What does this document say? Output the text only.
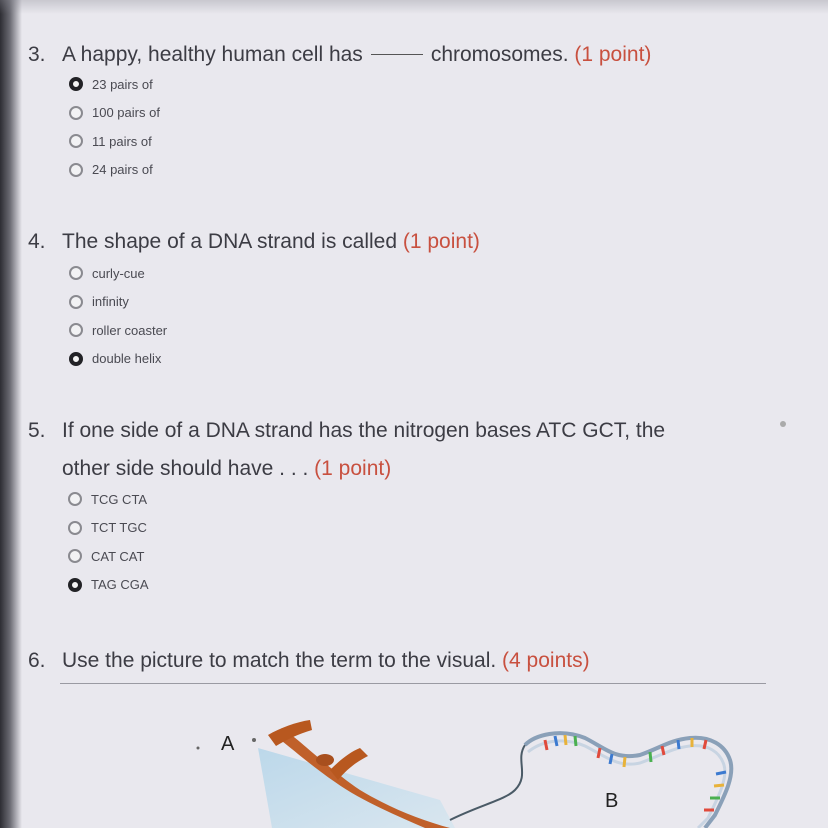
3. A happy, healthy human cell has	chromosomes. (1 point)
23 pairs of
100 pairs of
11 pairs of
24 pairs of
4. The shape of a DNA strand is called (1 point)
curly-cue
infinity
roller coaster
double helix
5. If one side of a DNA strand has the nitrogen bases ATC GCT, the
other side should have . . . (1 point)
TCG CTA
TCT TGC
CAT CAT
TAG CGA
6. Use the picture to match the term to the visual. (4 points)
A
B
